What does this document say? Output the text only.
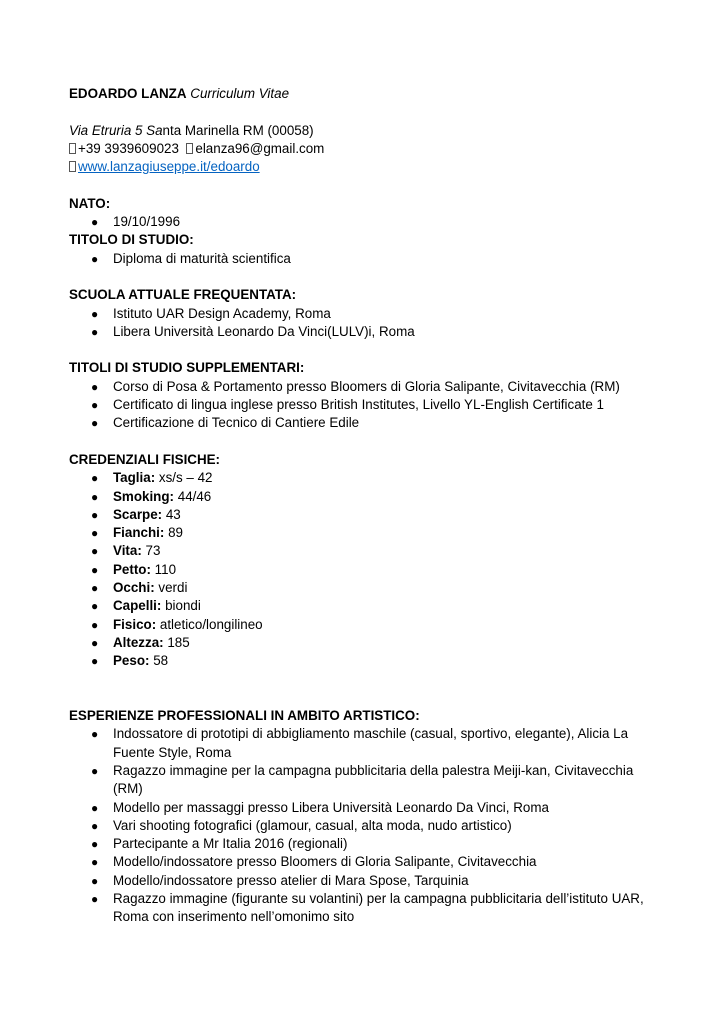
EDOARDO LANZA Curriculum Vitae
Via Etruria 5 Santa Marinella RM (00058)
+39 3939609023 elanza96@gmail.com
www.lanzagiuseppe.it/edoardo
NATO:
● 19/10/1996
TITOLO DI STUDIO:
● Diploma di maturità scientifica
SCUOLA ATTUALE FREQUENTATA:
● Istituto UAR Design Academy, Roma
● Libera Università Leonardo Da Vinci(LULV)i, Roma
TITOLI DI STUDIO SUPPLEMENTARI:
● Corso di Posa & Portamento presso Bloomers di Gloria Salipante, Civitavecchia (RM)
● Certificato di lingua inglese presso British Institutes, Livello YL-English Certificate 1
● Certificazione di Tecnico di Cantiere Edile
CREDENZIALI FISICHE:
● Taglia: xs/s – 42
● Smoking: 44/46
● Scarpe: 43
● Fianchi: 89
● Vita: 73
● Petto: 110
● Occhi: verdi
● Capelli: biondi
● Fisico: atletico/longilineo
● Altezza: 185
● Peso: 58
ESPERIENZE PROFESSIONALI IN AMBITO ARTISTICO:
● Indossatore di prototipi di abbigliamento maschile (casual, sportivo, elegante), Alicia La
Fuente Style, Roma
● Ragazzo immagine per la campagna pubblicitaria della palestra Meiji-kan, Civitavecchia
(RM)
● Modello per massaggi presso Libera Università Leonardo Da Vinci, Roma
● Vari shooting fotografici (glamour, casual, alta moda, nudo artistico)
● Partecipante a Mr Italia 2016 (regionali)
● Modello/indossatore presso Bloomers di Gloria Salipante, Civitavecchia
● Modello/indossatore presso atelier di Mara Spose, Tarquinia
● Ragazzo immagine (figurante su volantini) per la campagna pubblicitaria dell’istituto UAR,
Roma con inserimento nell’omonimo sito
